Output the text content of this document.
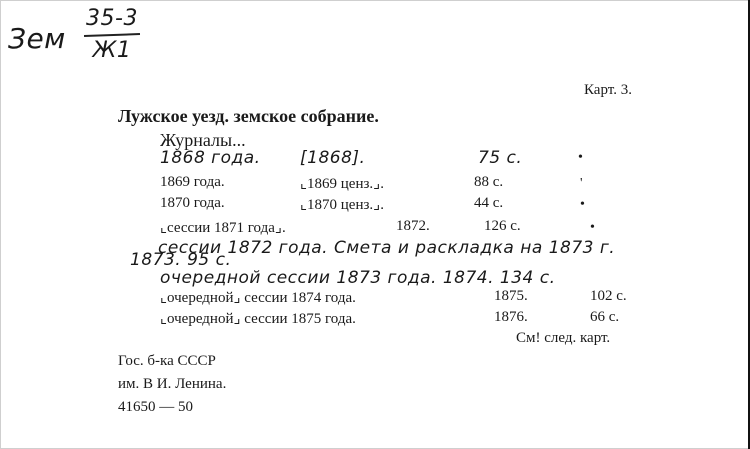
Зем
35-3
Ж1
Карт. 3.
Лужское уезд. земское собрание.
Журналы...
1868 года. [1868].	75 с.	•
1869 года.	⌞1869 ценз.⌟.	88 с.	'
1870 года.	⌞1870 ценз.⌟.	44 с.	•
⌞сессии 1871 года⌟.	1872.	126 с.	•
сессии 1872 года. Смета и раскладка на 1873 г.
1873. 95 с.
очередной сессии 1873 года. 1874. 134 с.
⌞очередной⌟ сессии 1874 года.	1875.	102 с.
⌞очередной⌟ сессии 1875 года.	1876.	66 с.
См! след. карт.
Гос. б-ка СССР
им. В И. Ленина.
41650 — 50
